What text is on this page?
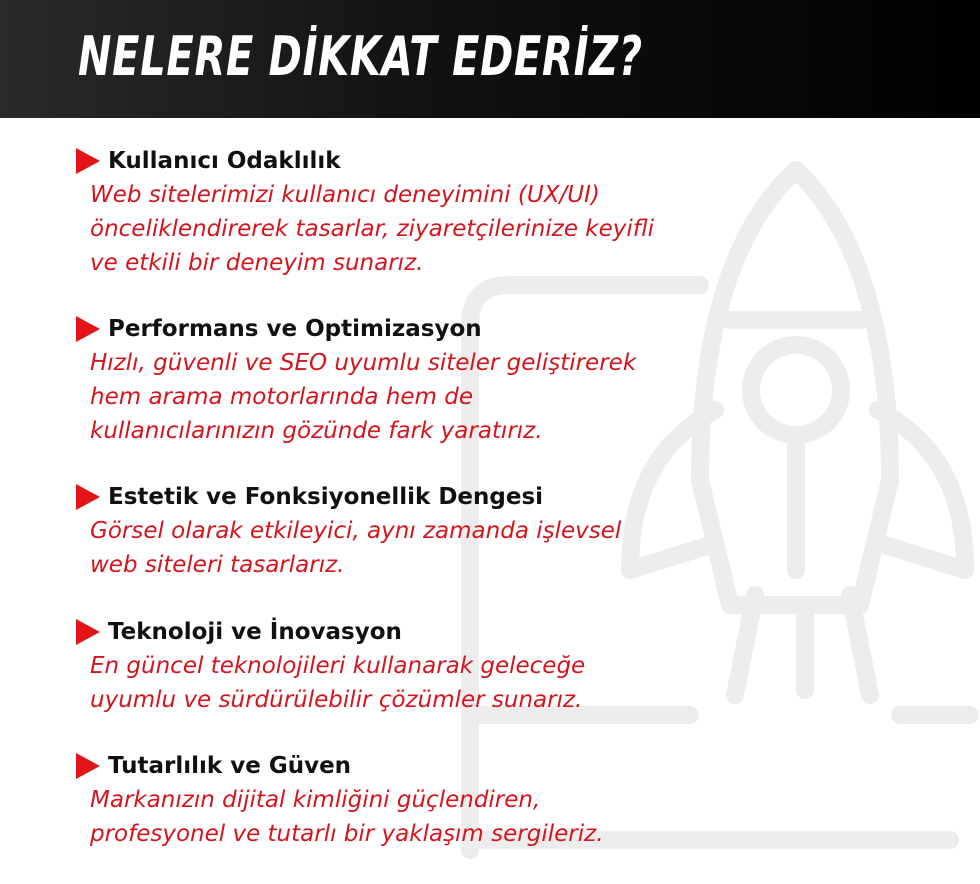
NELERE DİKKAT EDERİZ?
Kullanıcı Odaklılık
Web sitelerimizi kullanıcı deneyimini (UX/UI)
önceliklendirerek tasarlar, ziyaretçilerinize keyifli
ve etkili bir deneyim sunarız.
Performans ve Optimizasyon
Hızlı, güvenli ve SEO uyumlu siteler geliştirerek
hem arama motorlarında hem de
kullanıcılarınızın gözünde fark yaratırız.
Estetik ve Fonksiyonellik Dengesi
Görsel olarak etkileyici, aynı zamanda işlevsel
web siteleri tasarlarız.
Teknoloji ve İnovasyon
En güncel teknolojileri kullanarak geleceğe
uyumlu ve sürdürülebilir çözümler sunarız.
Tutarlılık ve Güven
Markanızın dijital kimliğini güçlendiren,
profesyonel ve tutarlı bir yaklaşım sergileriz.
